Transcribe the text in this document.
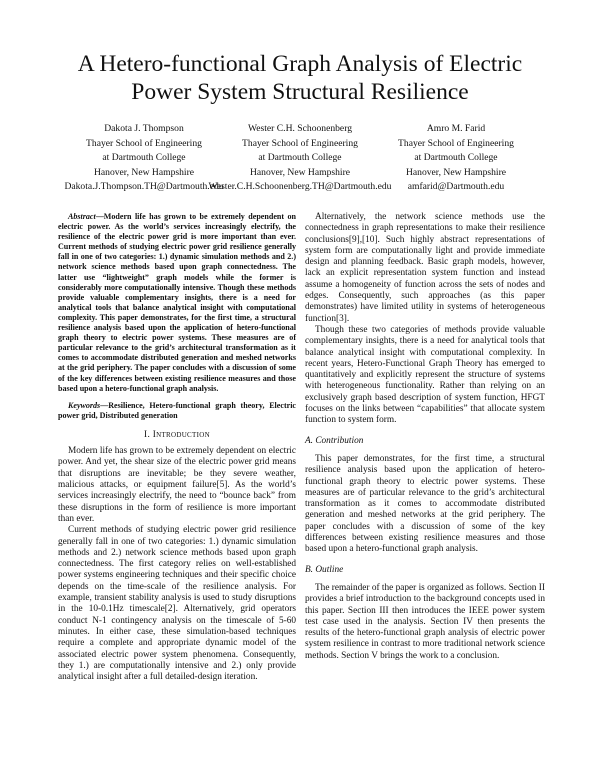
A Hetero-functional Graph Analysis of Electric
Power System Structural Resilience
Dakota J. Thompson
Thayer School of Engineering
at Dartmouth College
Hanover, New Hampshire
Dakota.J.Thompson.TH@Dartmouth.edu
Wester C.H. Schoonenberg
Thayer School of Engineering
at Dartmouth College
Hanover, New Hampshire
Wester.C.H.Schoonenberg.TH@Dartmouth.edu
Amro M. Farid
Thayer School of Engineering
at Dartmouth College
Hanover, New Hampshire
amfarid@Dartmouth.edu

Abstract—Modern life has grown to be extremely dependent on electric power. As the world’s services increasingly electrify, the resilience of the electric power grid is more important than ever. Current methods of studying electric power grid resilience generally fall in one of two categories: 1.) dynamic simulation methods and 2.) network science methods based upon graph connectedness. The latter use “lightweight” graph models while the former is considerably more computationally intensive. Though these methods provide valuable complementary insights, there is a need for analytical tools that balance analytical insight with computational complexity. This paper demonstrates, for the first time, a structural resilience analysis based upon the application of hetero-functional graph theory to electric power systems. These measures are of particular relevance to the grid’s architectural transformation as it comes to accommodate distributed generation and meshed networks at the grid periphery. The paper concludes with a discussion of some of the key differences between existing resilience measures and those based upon a hetero-functional graph analysis.

Keywords—Resilience, Hetero-functional graph theory, Electric power grid, Distributed generation

I. Introduction

Modern life has grown to be extremely dependent on electric power. And yet, the shear size of the electric power grid means that disruptions are inevitable; be they severe weather, malicious attacks, or equipment failure[5]. As the world’s services increasingly electrify, the need to “bounce back” from these disruptions in the form of resilience is more important than ever.

Current methods of studying electric power grid resilience generally fall in one of two categories: 1.) dynamic simulation methods and 2.) network science methods based upon graph connectedness. The first category relies on well-established power systems engineering techniques and their specific choice depends on the time-scale of the resilience analysis. For example, transient stability analysis is used to study disruptions in the 10-0.1Hz timescale[2]. Alternatively, grid operators conduct N-1 contingency analysis on the timescale of 5-60 minutes. In either case, these simulation-based techniques require a complete and appropriate dynamic model of the associated electric power system phenomena. Consequently, they 1.) are computationally intensive and 2.) only provide analytical insight after a full detailed-design iteration.

Alternatively, the network science methods use the connectedness in graph representations to make their resilience conclusions[9],[10]. Such highly abstract representations of system form are computationally light and provide immediate design and planning feedback. Basic graph models, however, lack an explicit representation system function and instead assume a homogeneity of function across the sets of nodes and edges. Consequently, such approaches (as this paper demonstrates) have limited utility in systems of heterogeneous function[3].

Though these two categories of methods provide valuable complementary insights, there is a need for analytical tools that balance analytical insight with computational complexity. In recent years, Hetero-Functional Graph Theory has emerged to quantitatively and explicitly represent the structure of systems with heterogeneous functionality. Rather than relying on an exclusively graph based description of system function, HFGT focuses on the links between “capabilities” that allocate system function to system form.

A. Contribution

This paper demonstrates, for the first time, a structural resilience analysis based upon the application of hetero-functional graph theory to electric power systems. These measures are of particular relevance to the grid’s architectural transformation as it comes to accommodate distributed generation and meshed networks at the grid periphery. The paper concludes with a discussion of some of the key differences between existing resilience measures and those based upon a hetero-functional graph analysis.

B. Outline

The remainder of the paper is organized as follows. Section II provides a brief introduction to the background concepts used in this paper. Section III then introduces the IEEE power system test case used in the analysis. Section IV then presents the results of the hetero-functional graph analysis of electric power system resilience in contrast to more traditional network science methods. Section V brings the work to a conclusion.
